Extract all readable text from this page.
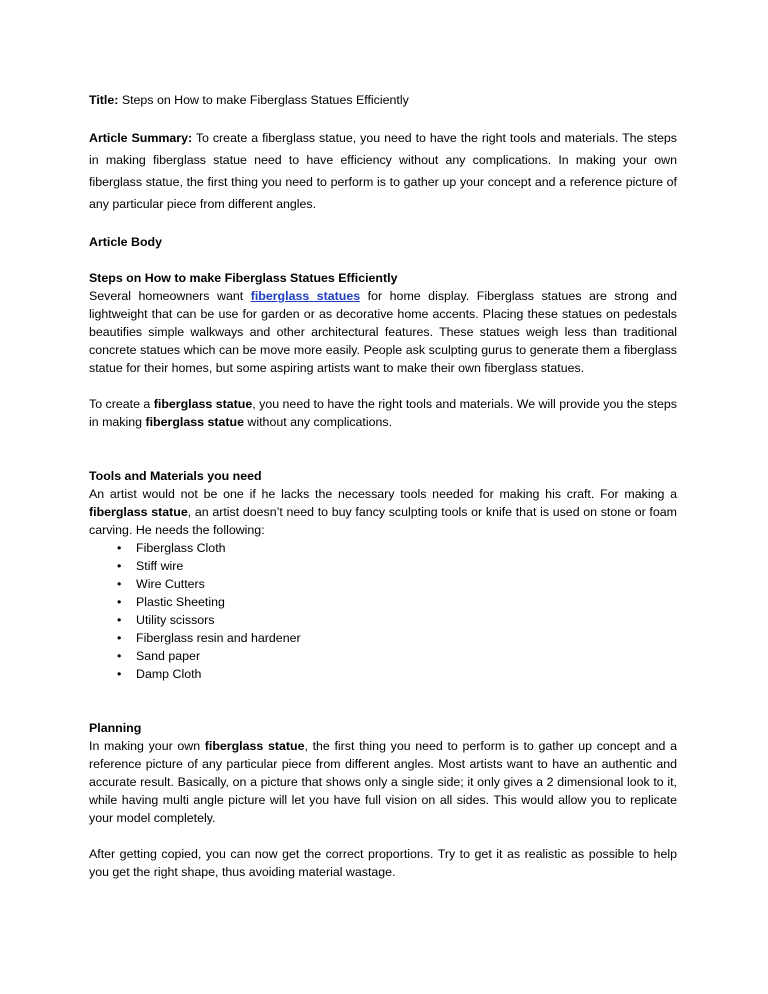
Title: Steps on How to make Fiberglass Statues Efficiently

Article Summary: To create a fiberglass statue, you need to have the right tools and materials. The steps in making fiberglass statue need to have efficiency without any complications. In making your own fiberglass statue, the first thing you need to perform is to gather up your concept and a reference picture of any particular piece from different angles.

Article Body

Steps on How to make Fiberglass Statues Efficiently

Several homeowners want fiberglass statues for home display. Fiberglass statues are strong and lightweight that can be use for garden or as decorative home accents. Placing these statues on pedestals beautifies simple walkways and other architectural features. These statues weigh less than traditional concrete statues which can be move more easily. People ask sculpting gurus to generate them a fiberglass statue for their homes, but some aspiring artists want to make their own fiberglass statues.

To create a fiberglass statue, you need to have the right tools and materials. We will provide you the steps in making fiberglass statue without any complications.

Tools and Materials you need

An artist would not be one if he lacks the necessary tools needed for making his craft. For making a fiberglass statue, an artist doesn’t need to buy fancy sculpting tools or knife that is used on stone or foam carving. He needs the following:

• Fiberglass Cloth
• Stiff wire
• Wire Cutters
• Plastic Sheeting
• Utility scissors
• Fiberglass resin and hardener
• Sand paper
• Damp Cloth

Planning

In making your own fiberglass statue, the first thing you need to perform is to gather up concept and a reference picture of any particular piece from different angles. Most artists want to have an authentic and accurate result. Basically, on a picture that shows only a single side; it only gives a 2 dimensional look to it, while having multi angle picture will let you have full vision on all sides. This would allow you to replicate your model completely.

After getting copied, you can now get the correct proportions. Try to get it as realistic as possible to help you get the right shape, thus avoiding material wastage.
